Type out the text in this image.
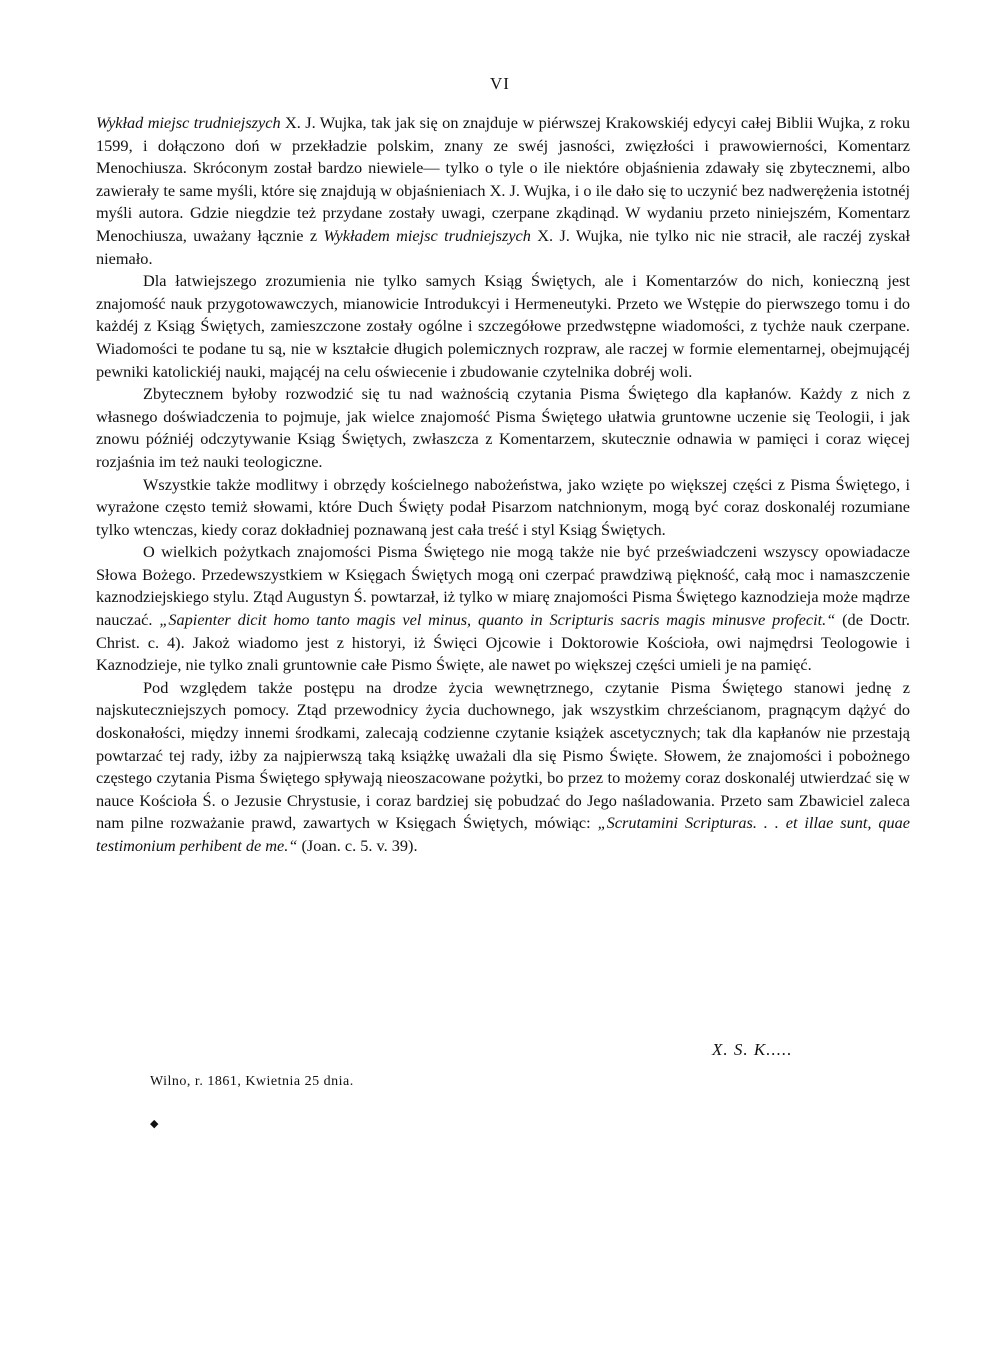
VI

Wykład miejsc trudniejszych X. J. Wujka, tak jak się on znajduje w piérwszej Krakowskiéj edycyi całej Biblii Wujka, z roku 1599, i dołączono doń w przekładzie polskim, znany ze swéj jasności, zwięzłości i prawowierności, Komentarz Menochiusza. Skróconym został bardzo niewiele— tylko o tyle o ile niektóre objaśnienia zdawały się zbytecznemi, albo zawierały te same myśli, które się znajdują w objaśnieniach X. J. Wujka, i o ile dało się to uczynić bez nadwerężenia istotnéj myśli autora. Gdzie niegdzie też przydane zostały uwagi, czerpane zkądinąd. W wydaniu przeto niniejszém, Komentarz Menochiusza, uważany łącznie z Wykładem miejsc trudniejszych X. J. Wujka, nie tylko nic nie stracił, ale raczéj zyskał niemało.

Dla łatwiejszego zrozumienia nie tylko samych Ksiąg Świętych, ale i Komentarzów do nich, konieczną jest znajomość nauk przygotowawczych, mianowicie Introdukcyi i Hermeneutyki. Przeto we Wstępie do pierwszego tomu i do każdéj z Ksiąg Świętych, zamieszczone zostały ogólne i szczegółowe przedwstępne wiadomości, z tychże nauk czerpane. Wiadomości te podane tu są, nie w kształcie długich polemicznych rozpraw, ale raczej w formie elementarnej, obejmującéj pewniki katolickiéj nauki, mającéj na celu oświecenie i zbudowanie czytelnika dobréj woli.

Zbytecznem byłoby rozwodzić się tu nad ważnością czytania Pisma Świętego dla kapłanów. Każdy z nich z własnego doświadczenia to pojmuje, jak wielce znajomość Pisma Świętego ułatwia gruntowne uczenie się Teologii, i jak znowu późniéj odczytywanie Ksiąg Świętych, zwłaszcza z Komentarzem, skutecznie odnawia w pamięci i coraz więcej rozjaśnia im też nauki teologiczne.

Wszystkie także modlitwy i obrzędy kościelnego nabożeństwa, jako wzięte po większej części z Pisma Świętego, i wyrażone często temiż słowami, które Duch Święty podał Pisarzom natchnionym, mogą być coraz doskonaléj rozumiane tylko wtenczas, kiedy coraz dokładniej poznawaną jest cała treść i styl Ksiąg Świętych.

O wielkich pożytkach znajomości Pisma Świętego nie mogą także nie być przeświadczeni wszyscy opowiadacze Słowa Bożego. Przedewszystkiem w Księgach Świętych mogą oni czerpać prawdziwą piękność, całą moc i namaszczenie kaznodziejskiego stylu. Ztąd Augustyn Ś. powtarzał, iż tylko w miarę znajomości Pisma Świętego kaznodzieja może mądrze nauczać. „Sapienter dicit homo tanto magis vel minus, quanto in Scripturis sacris magis minusve profecit.“ (de Doctr. Christ. c. 4). Jakoż wiadomo jest z historyi, iż Święci Ojcowie i Doktorowie Kościoła, owi najmędrsi Teologowie i Kaznodzieje, nie tylko znali gruntownie całe Pismo Święte, ale nawet po większej części umieli je na pamięć.

Pod względem także postępu na drodze życia wewnętrznego, czytanie Pisma Świętego stanowi jednę z najskuteczniejszych pomocy. Ztąd przewodnicy życia duchownego, jak wszystkim chrześcianom, pragnącym dążyć do doskonałości, między innemi środkami, zalecają codzienne czytanie książek ascetycznych; tak dla kapłanów nie przestają powtarzać tej rady, iżby za najpierwszą taką książkę uważali dla się Pismo Święte. Słowem, że znajomości i pobożnego częstego czytania Pisma Świętego spływają nieoszacowane pożytki, bo przez to możemy coraz doskonaléj utwierdzać się w nauce Kościoła Ś. o Jezusie Chrystusie, i coraz bardziej się pobudzać do Jego naśladowania. Przeto sam Zbawiciel zaleca nam pilne rozważanie prawd, zawartych w Księgach Świętych, mówiąc: „Scrutamini Scripturas. . . et illae sunt, quae testimonium perhibent de me.“ (Joan. c. 5. v. 39).

X. S. K.....
Wilno, r. 1861, Kwietnia 25 dnia.
◆
